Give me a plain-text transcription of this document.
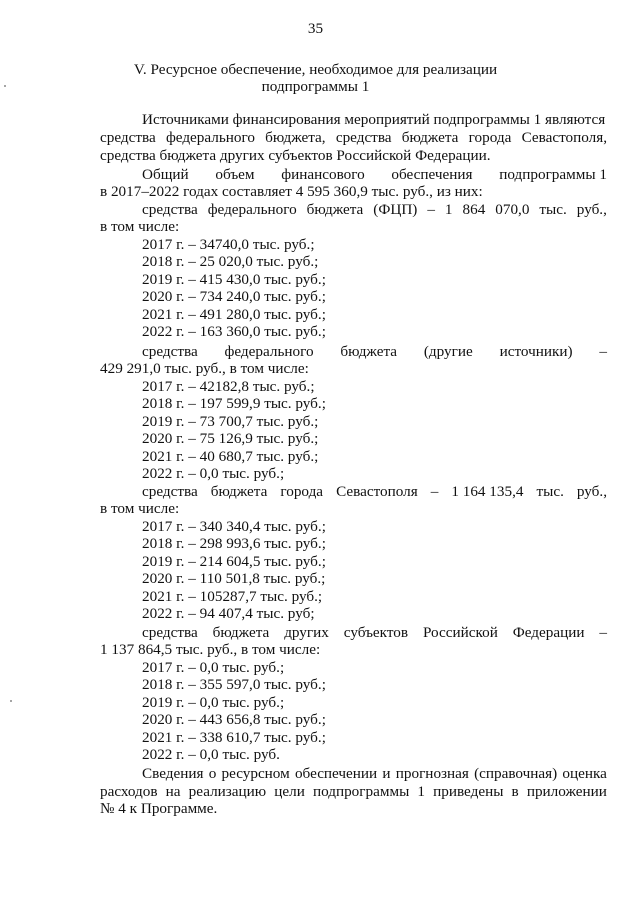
35
V. Ресурсное обеспечение, необходимое для реализации
подпрограммы 1
Источниками финансирования мероприятий подпрограммы 1 являются
средства федерального бюджета, средства бюджета города Севастополя,
средства бюджета других субъектов Российской Федерации.
Общий объем финансового обеспечения подпрограммы 1
в 2017–2022 годах составляет 4 595 360,9 тыс. руб., из них:
средства федерального бюджета (ФЦП) – 1 864 070,0 тыс. руб.,
в том числе:
2017 г. – 34740,0 тыс. руб.;
2018 г. – 25 020,0 тыс. руб.;
2019 г. – 415 430,0 тыс. руб.;
2020 г. – 734 240,0 тыс. руб.;
2021 г. – 491 280,0 тыс. руб.;
2022 г. – 163 360,0 тыс. руб.;
средства федерального бюджета (другие источники) –
429 291,0 тыс. руб., в том числе:
2017 г. – 42182,8 тыс. руб.;
2018 г. – 197 599,9 тыс. руб.;
2019 г. – 73 700,7 тыс. руб.;
2020 г. – 75 126,9 тыс. руб.;
2021 г. – 40 680,7 тыс. руб.;
2022 г. – 0,0 тыс. руб.;
средства бюджета города Севастополя – 1 164 135,4 тыс. руб.,
в том числе:
2017 г. – 340 340,4 тыс. руб.;
2018 г. – 298 993,6 тыс. руб.;
2019 г. – 214 604,5 тыс. руб.;
2020 г. – 110 501,8 тыс. руб.;
2021 г. – 105287,7 тыс. руб.;
2022 г. – 94 407,4 тыс. руб;
средства бюджета других субъектов Российской Федерации –
1 137 864,5 тыс. руб., в том числе:
2017 г. – 0,0 тыс. руб.;
2018 г. – 355 597,0 тыс. руб.;
2019 г. – 0,0 тыс. руб.;
2020 г. – 443 656,8 тыс. руб.;
2021 г. – 338 610,7 тыс. руб.;
2022 г. – 0,0 тыс. руб.
Сведения о ресурсном обеспечении и прогнозная (справочная) оценка
расходов на реализацию цели подпрограммы 1 приведены в приложении
№ 4 к Программе.
